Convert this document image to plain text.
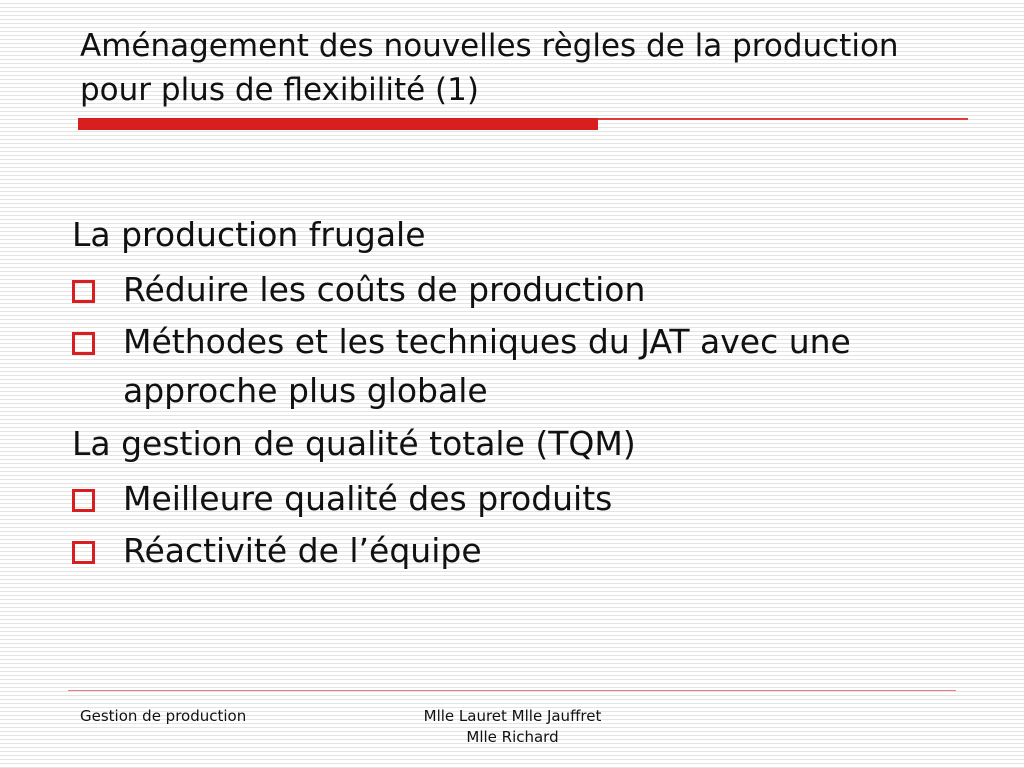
Aménagement des nouvelles règles de la production pour plus de flexibilité (1)

La production frugale

Réduire les coûts de production
Méthodes et les techniques du JAT avec une approche plus globale

La gestion de qualité totale (TQM)

Meilleure qualité des produits
Réactivité de l’équipe
Gestion de production	Mlle Lauret Mlle Jauffret
Mlle Richard
